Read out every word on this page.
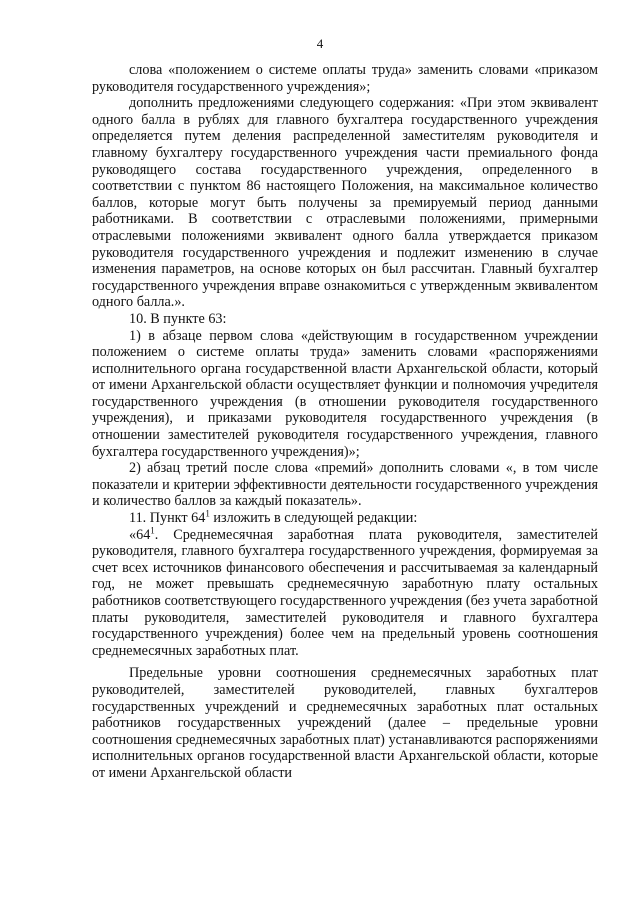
4

слова «положением о системе оплаты труда» заменить словами «приказом руководителя государственного учреждения»;

дополнить предложениями следующего содержания: «При этом эквивалент одного балла в рублях для главного бухгалтера государственного учреждения определяется путем деления распределенной заместителям руководителя и главному бухгалтеру государственного учреждения части премиального фонда руководящего состава государственного учреждения, определенного в соответствии с пунктом 86 настоящего Положения, на максимальное количество баллов, которые могут быть получены за премируемый период данными работниками. В соответствии с отраслевыми положениями, примерными отраслевыми положениями эквивалент одного балла утверждается приказом руководителя государственного учреждения и подлежит изменению в случае изменения параметров, на основе которых он был рассчитан. Главный бухгалтер государственного учреждения вправе ознакомиться с утвержденным эквивалентом одного балла.».

10. В пункте 63:

1) в абзаце первом слова «действующим в государственном учреждении положением о системе оплаты труда» заменить словами «распоряжениями исполнительного органа государственной власти Архангельской области, который от имени Архангельской области осуществляет функции и полномочия учредителя государственного учреждения (в отношении руководителя государственного учреждения), и приказами руководителя государственного учреждения (в отношении заместителей руководителя государственного учреждения, главного бухгалтера государственного учреждения)»;

2) абзац третий после слова «премий» дополнить словами «, в том числе показатели и критерии эффективности деятельности государственного учреждения и количество баллов за каждый показатель».

11. Пункт $64^1$ изложить в следующей редакции:

«$64^1$. Среднемесячная заработная плата руководителя, заместителей руководителя, главного бухгалтера государственного учреждения, формируемая за счет всех источников финансового обеспечения и рассчитываемая за календарный год, не может превышать среднемесячную заработную плату остальных работников соответствующего государственного учреждения (без учета заработной платы руководителя, заместителей руководителя и главного бухгалтера государственного учреждения) более чем на предельный уровень соотношения среднемесячных заработных плат.

Предельные уровни соотношения среднемесячных заработных плат руководителей, заместителей руководителей, главных бухгалтеров государственных учреждений и среднемесячных заработных плат остальных работников государственных учреждений (далее – предельные уровни соотношения среднемесячных заработных плат) устанавливаются распоряжениями исполнительных органов государственной власти Архангельской области, которые от имени Архангельской области
